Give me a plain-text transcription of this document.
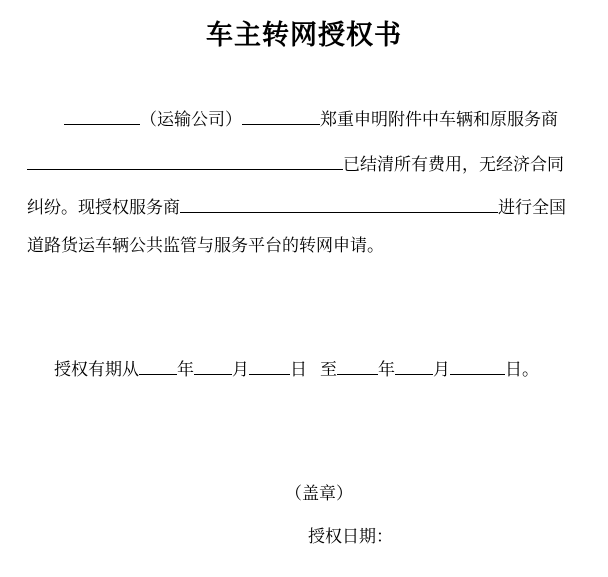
车主转网授权书
（运输公司）	郑重申明附件中车辆和原服务商
已结清所有费用，无经济合同
纠纷。现授权服务商	进行全国
道路货运车辆公共监管与服务平台的转网申请。
授权有期从 年 月 日 至 年 月	日。
（盖章）
授权日期：
